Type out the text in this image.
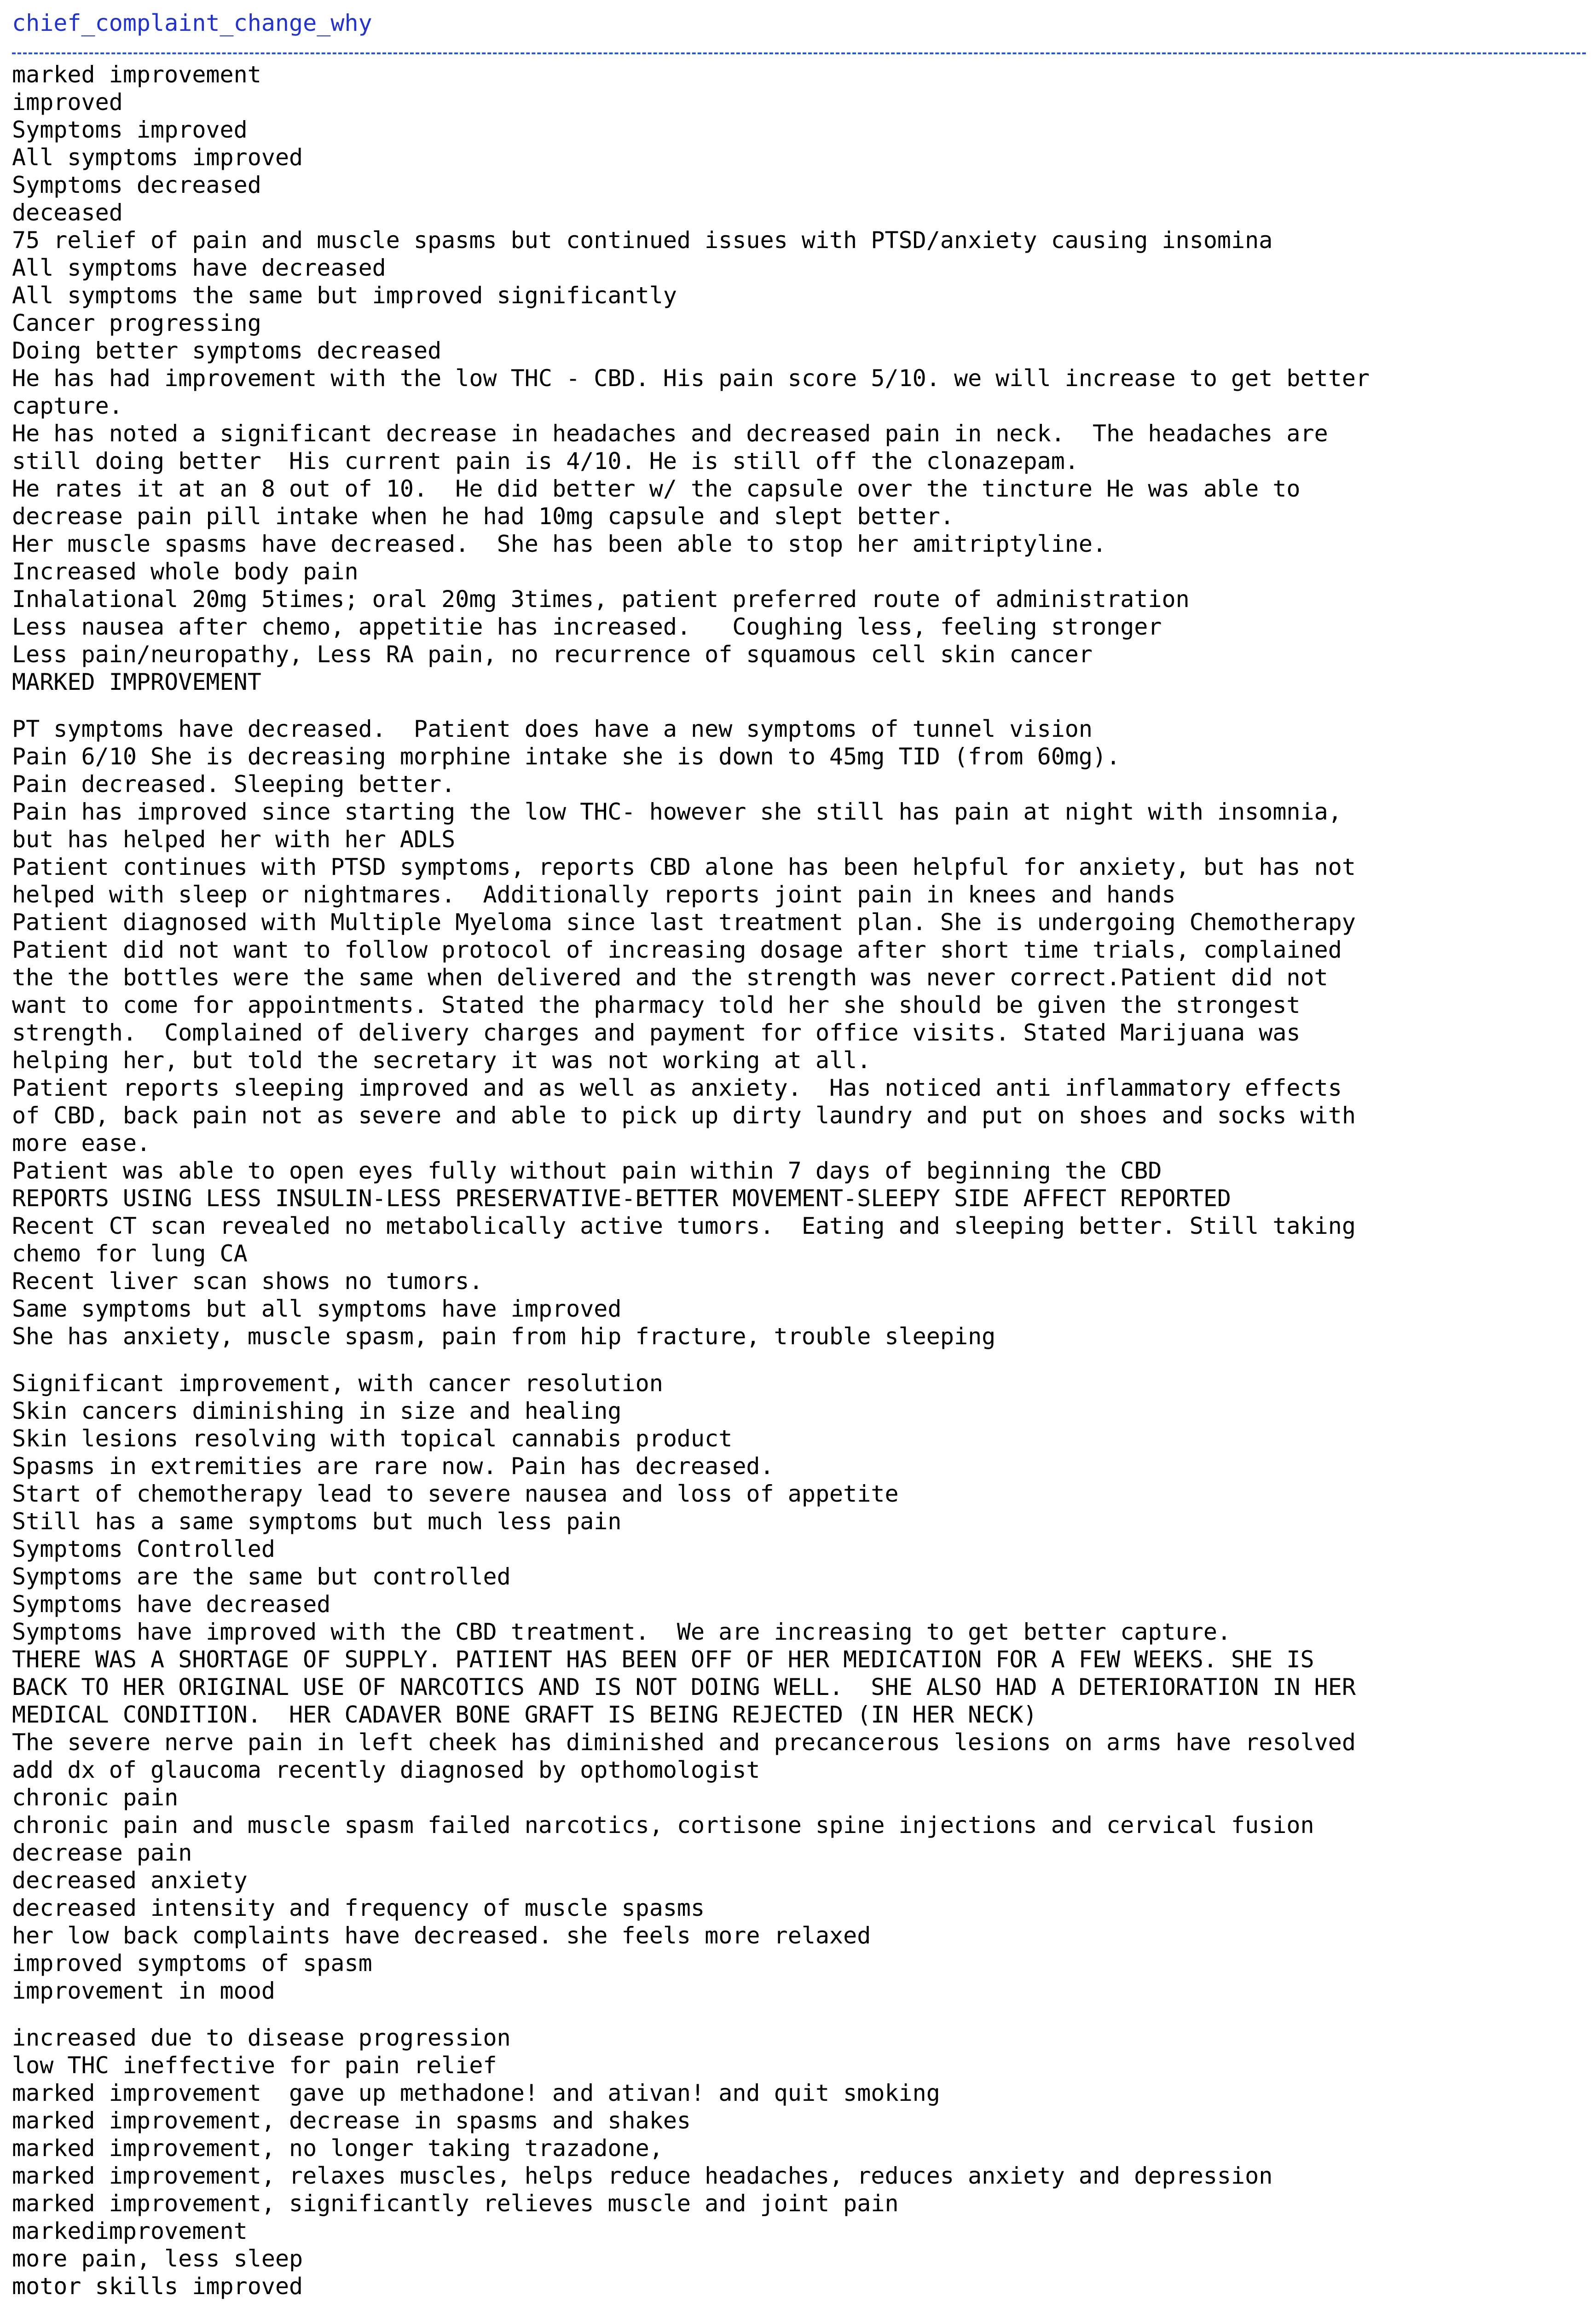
chief_complaint_change_why
marked improvement
improved
Symptoms improved
All symptoms improved
Symptoms decreased
deceased
75 relief of pain and muscle spasms but continued issues with PTSD/anxiety causing insomina
All symptoms have decreased
All symptoms the same but improved significantly
Cancer progressing
Doing better symptoms decreased
He has had improvement with the low THC - CBD. His pain score 5/10. we will increase to get better
capture.
He has noted a significant decrease in headaches and decreased pain in neck.  The headaches are
still doing better  His current pain is 4/10. He is still off the clonazepam.
He rates it at an 8 out of 10.  He did better w/ the capsule over the tincture He was able to
decrease pain pill intake when he had 10mg capsule and slept better.
Her muscle spasms have decreased.  She has been able to stop her amitriptyline.
Increased whole body pain
Inhalational 20mg 5times; oral 20mg 3times, patient preferred route of administration
Less nausea after chemo, appetitie has increased.   Coughing less, feeling stronger
Less pain/neuropathy, Less RA pain, no recurrence of squamous cell skin cancer
MARKED IMPROVEMENT
PT symptoms have decreased.  Patient does have a new symptoms of tunnel vision
Pain 6/10 She is decreasing morphine intake she is down to 45mg TID (from 60mg).
Pain decreased. Sleeping better.
Pain has improved since starting the low THC- however she still has pain at night with insomnia,
but has helped her with her ADLS
Patient continues with PTSD symptoms, reports CBD alone has been helpful for anxiety, but has not
helped with sleep or nightmares.  Additionally reports joint pain in knees and hands
Patient diagnosed with Multiple Myeloma since last treatment plan. She is undergoing Chemotherapy
Patient did not want to follow protocol of increasing dosage after short time trials, complained
the the bottles were the same when delivered and the strength was never correct.Patient did not
want to come for appointments. Stated the pharmacy told her she should be given the strongest
strength.  Complained of delivery charges and payment for office visits. Stated Marijuana was
helping her, but told the secretary it was not working at all.
Patient reports sleeping improved and as well as anxiety.  Has noticed anti inflammatory effects
of CBD, back pain not as severe and able to pick up dirty laundry and put on shoes and socks with
more ease.
Patient was able to open eyes fully without pain within 7 days of beginning the CBD
REPORTS USING LESS INSULIN-LESS PRESERVATIVE-BETTER MOVEMENT-SLEEPY SIDE AFFECT REPORTED
Recent CT scan revealed no metabolically active tumors.  Eating and sleeping better. Still taking
chemo for lung CA
Recent liver scan shows no tumors.
Same symptoms but all symptoms have improved
She has anxiety, muscle spasm, pain from hip fracture, trouble sleeping
Significant improvement, with cancer resolution
Skin cancers diminishing in size and healing
Skin lesions resolving with topical cannabis product
Spasms in extremities are rare now. Pain has decreased.
Start of chemotherapy lead to severe nausea and loss of appetite
Still has a same symptoms but much less pain
Symptoms Controlled
Symptoms are the same but controlled
Symptoms have decreased
Symptoms have improved with the CBD treatment.  We are increasing to get better capture.
THERE WAS A SHORTAGE OF SUPPLY. PATIENT HAS BEEN OFF OF HER MEDICATION FOR A FEW WEEKS. SHE IS
BACK TO HER ORIGINAL USE OF NARCOTICS AND IS NOT DOING WELL.  SHE ALSO HAD A DETERIORATION IN HER
MEDICAL CONDITION.  HER CADAVER BONE GRAFT IS BEING REJECTED (IN HER NECK)
The severe nerve pain in left cheek has diminished and precancerous lesions on arms have resolved
add dx of glaucoma recently diagnosed by opthomologist
chronic pain
chronic pain and muscle spasm failed narcotics, cortisone spine injections and cervical fusion
decrease pain
decreased anxiety
decreased intensity and frequency of muscle spasms
her low back complaints have decreased. she feels more relaxed
improved symptoms of spasm
improvement in mood
increased due to disease progression
low THC ineffective for pain relief
marked improvement  gave up methadone! and ativan! and quit smoking
marked improvement, decrease in spasms and shakes
marked improvement, no longer taking trazadone,
marked improvement, relaxes muscles, helps reduce headaches, reduces anxiety and depression
marked improvement, significantly relieves muscle and joint pain
markedimprovement
more pain, less sleep
motor skills improved
